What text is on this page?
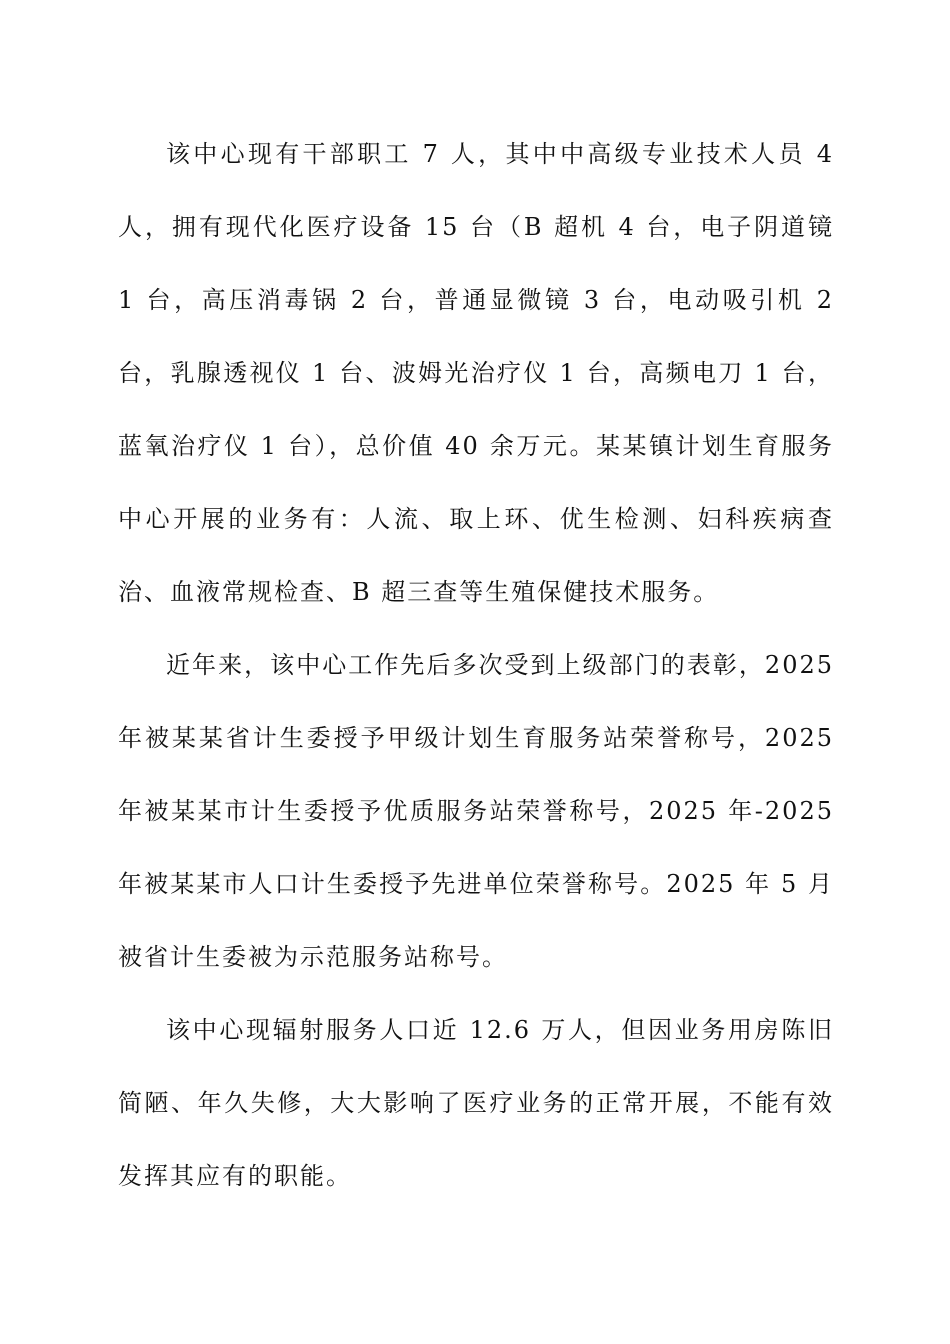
该中心现有干部职工 7 人，其中中高级专业技术人员 4 人，拥有现代化医疗设备 15 台（B 超机 4 台，电子阴道镜 1 台，高压消毒锅 2 台，普通显微镜 3 台，电动吸引机 2 台，乳腺透视仪 1 台、波姆光治疗仪 1 台，高频电刀 1 台，蓝氧治疗仪 1 台），总价值 40 余万元。某某镇计划生育服务中心开展的业务有：人流、取上环、优生检测、妇科疾病查治、血液常规检查、B 超三查等生殖保健技术服务。

近年来，该中心工作先后多次受到上级部门的表彰，2025 年被某某省计生委授予甲级计划生育服务站荣誉称号，2025 年被某某市计生委授予优质服务站荣誉称号，2025 年-2025 年被某某市人口计生委授予先进单位荣誉称号。2025 年 5 月被省计生委被为示范服务站称号。

该中心现辐射服务人口近 12.6 万人，但因业务用房陈旧简陋、年久失修，大大影响了医疗业务的正常开展，不能有效发挥其应有的职能。
